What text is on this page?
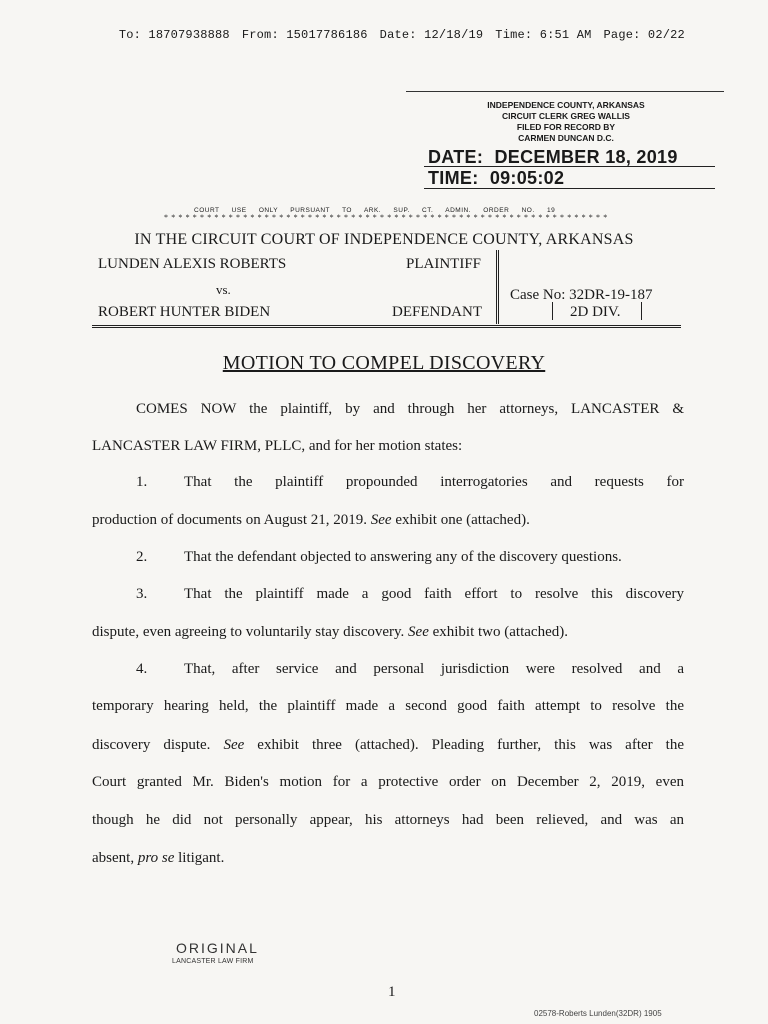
To: 18707938888 From: 15017786186 Date: 12/18/19 Time: 6:51 AM Page: 02/22

INDEPENDENCE COUNTY, ARKANSAS
CIRCUIT CLERK GREG WALLIS
FILED FOR RECORD BY
CARMEN DUNCAN D.C.
DATE: DECEMBER 18, 2019
TIME: 09:05:02
COURT USE ONLY PURSUANT TO ARK. SUP. CT. ADMIN. ORDER NO. 19
* * * * * * * * * * * * * * * * * * * * * * * * * * * * * * * * * * * * * * * * * * * * * * * * * * * * * * * * * * * * * *
IN THE CIRCUIT COURT OF INDEPENDENCE COUNTY, ARKANSAS
LUNDEN ALEXIS ROBERTS	PLAINTIFF
vs.
ROBERT HUNTER BIDEN	DEFENDANT
Case No: 32DR-19-187
2D DIV.
MOTION TO COMPEL DISCOVERY
COMES NOW the plaintiff, by and through her attorneys, LANCASTER &
LANCASTER LAW FIRM, PLLC, and for her motion states:
1.	That the plaintiff propounded interrogatories and requests for
production of documents on August 21, 2019. See exhibit one (attached).
2.	That the defendant objected to answering any of the discovery questions.
3.	That the plaintiff made a good faith effort to resolve this discovery
dispute, even agreeing to voluntarily stay discovery. See exhibit two (attached).
4.	That, after service and personal jurisdiction were resolved and a
temporary hearing held, the plaintiff made a second good faith attempt to resolve the
discovery dispute. See exhibit three (attached). Pleading further, this was after the
Court granted Mr. Biden's motion for a protective order on December 2, 2019, even
though he did not personally appear, his attorneys had been relieved, and was an
absent, pro se litigant.
ORIGINAL
LANCASTER LAW FIRM
1
02578-Roberts Lunden(32DR) 1905
